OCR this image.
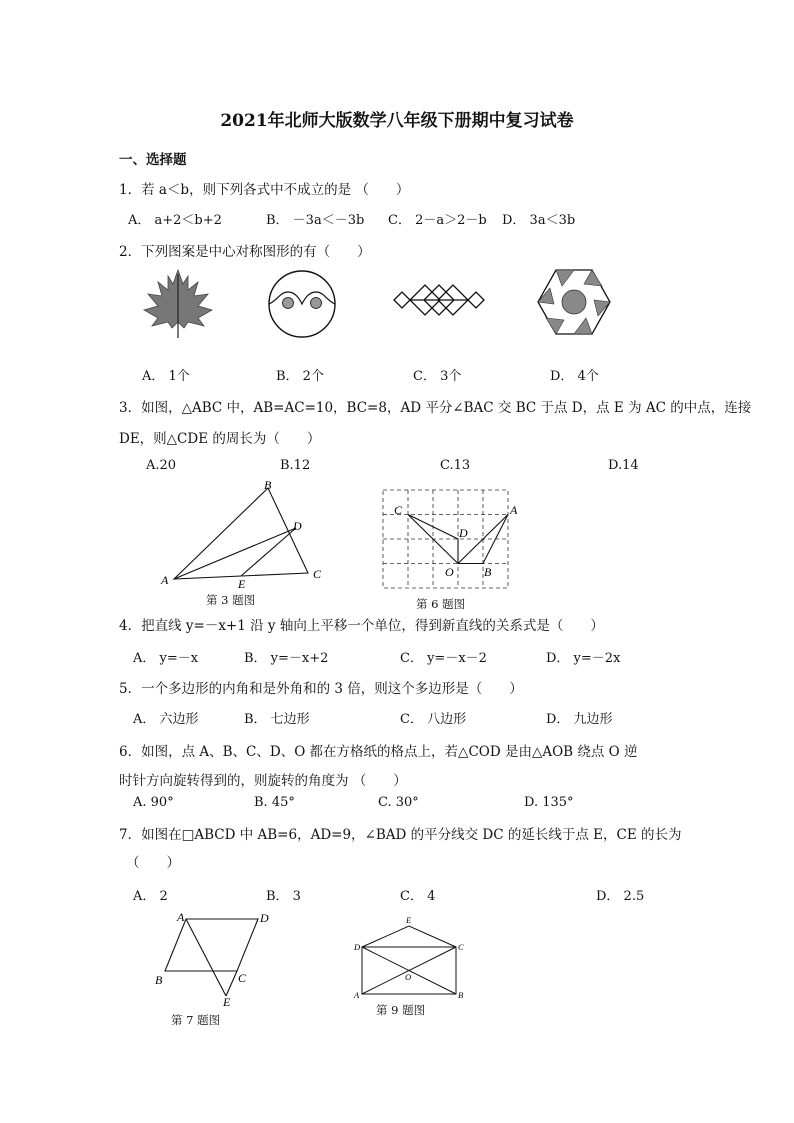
2021年北师大版数学八年级下册期中复习试卷
一、选择题
1．若 a＜b，则下列各式中不成立的是 （　　）
A． a+2＜b+2	B． －3a＜－3b C． 2－a＞2－b D． 3a＜3b
2．下列图案是中心对称图形的有（　　）
A． 1个	B． 2个	C． 3个	D． 4个
3．如图，△ABC 中，AB=AC=10，BC=8，AD 平分∠BAC 交 BC 于点 D，点 E 为 AC 的中点，连接
DE，则△CDE 的周长为（　　）
A.20	B.12	C.13	D.14
A
B
C
D
E
第 3 题图
C	A
D
O	B
第 6 题图
4．把直线 y=－x+1 沿 y 轴向上平移一个单位，得到新直线的关系式是（　　）
A． y=－x	B． y=－x+2	C． y=－x－2	D． y=－2x
5．一个多边形的内角和是外角和的 3 倍，则这个多边形是（　　）
A． 六边形	B． 七边形	C． 八边形	D． 九边形
6．如图，点 A、B、C、D、O 都在方格纸的格点上，若△COD 是由△AOB 绕点 O 逆
时针方向旋转得到的，则旋转的角度为 （　　）
A. 90°	B. 45°	C. 30°	D. 135°
7．如图在□ABCD 中 AB=6，AD=9，∠BAD 的平分线交 DC 的延长线于点 E，CE 的长为
（　　）
A． 2	B． 3	C． 4	D． 2.5
A	D
B	C
E
第 7 题图
E
D	C
A	B
O
第 9 题图
